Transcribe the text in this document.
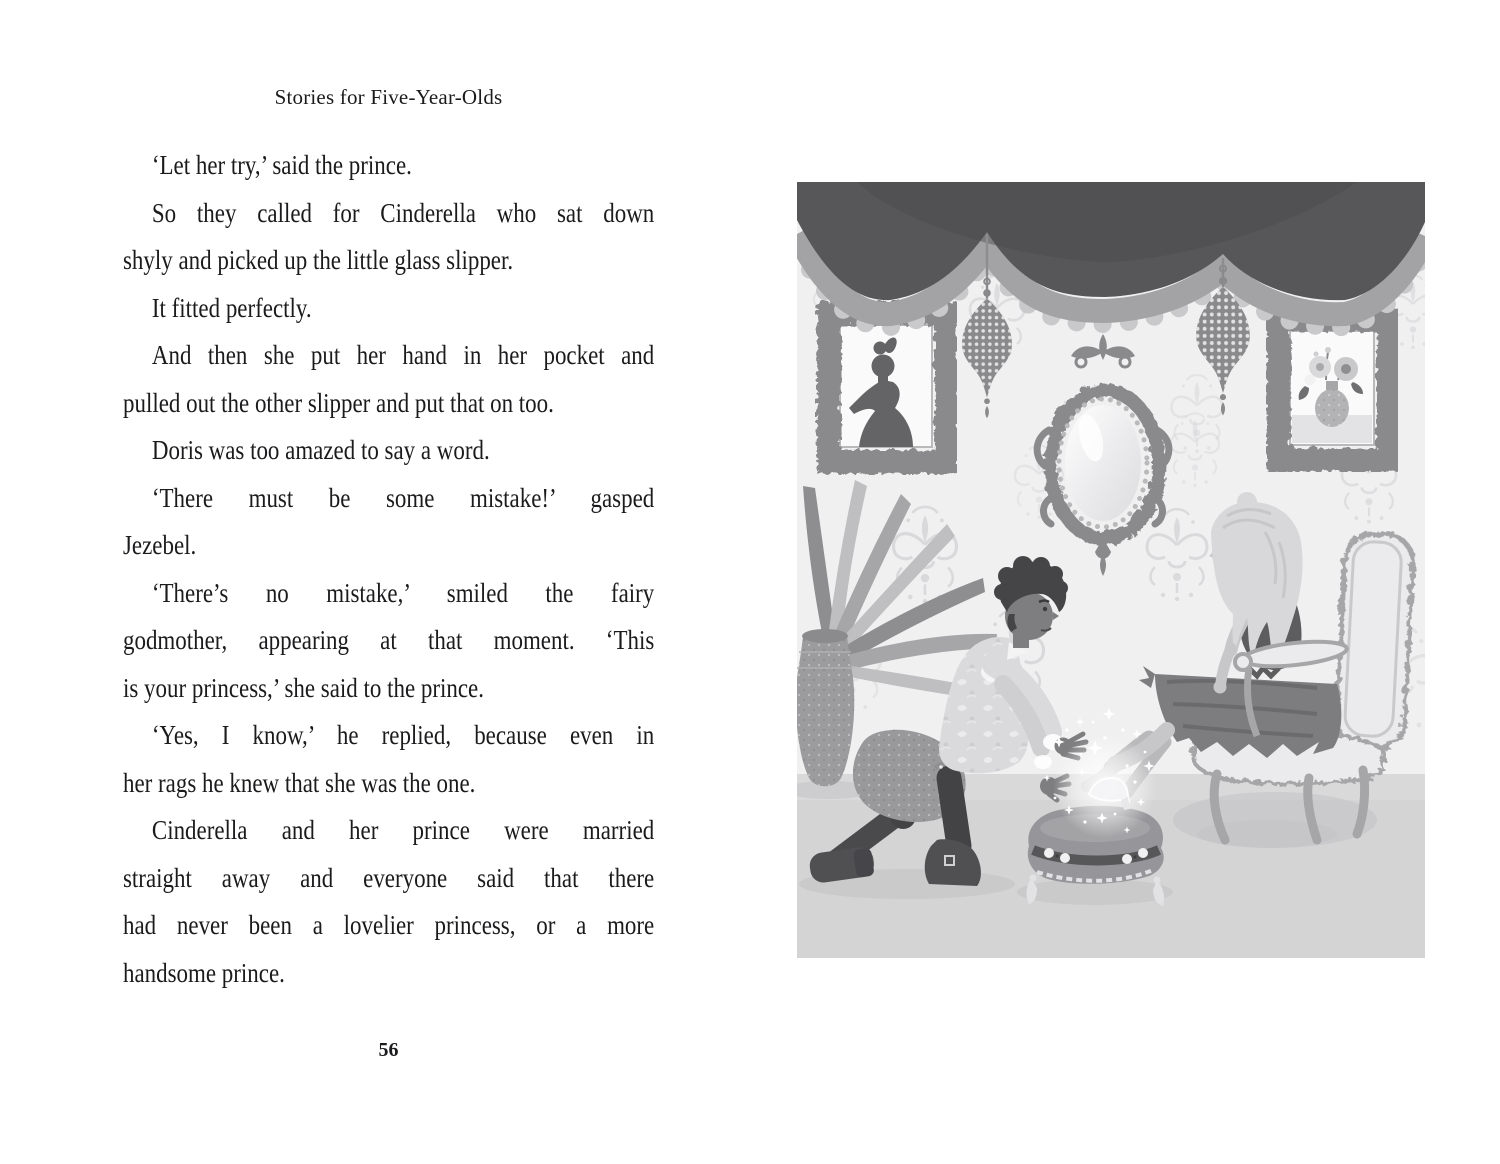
Stories for Five-Year-Olds
‘Let her try,’ said the prince.
So they called for Cinderella who sat down
shyly and picked up the little glass slipper.
It fitted perfectly.
And then she put her hand in her pocket and
pulled out the other slipper and put that on too.
Doris was too amazed to say a word.
‘There must be some mistake!’ gasped
Jezebel.
‘There’s no mistake,’ smiled the fairy
godmother, appearing at that moment. ‘This
is your princess,’ she said to the prince.
‘Yes, I know,’ he replied, because even in
her rags he knew that she was the one.
Cinderella and her prince were married
straight away and everyone said that there
had never been a lovelier princess, or a more
handsome prince.
56
